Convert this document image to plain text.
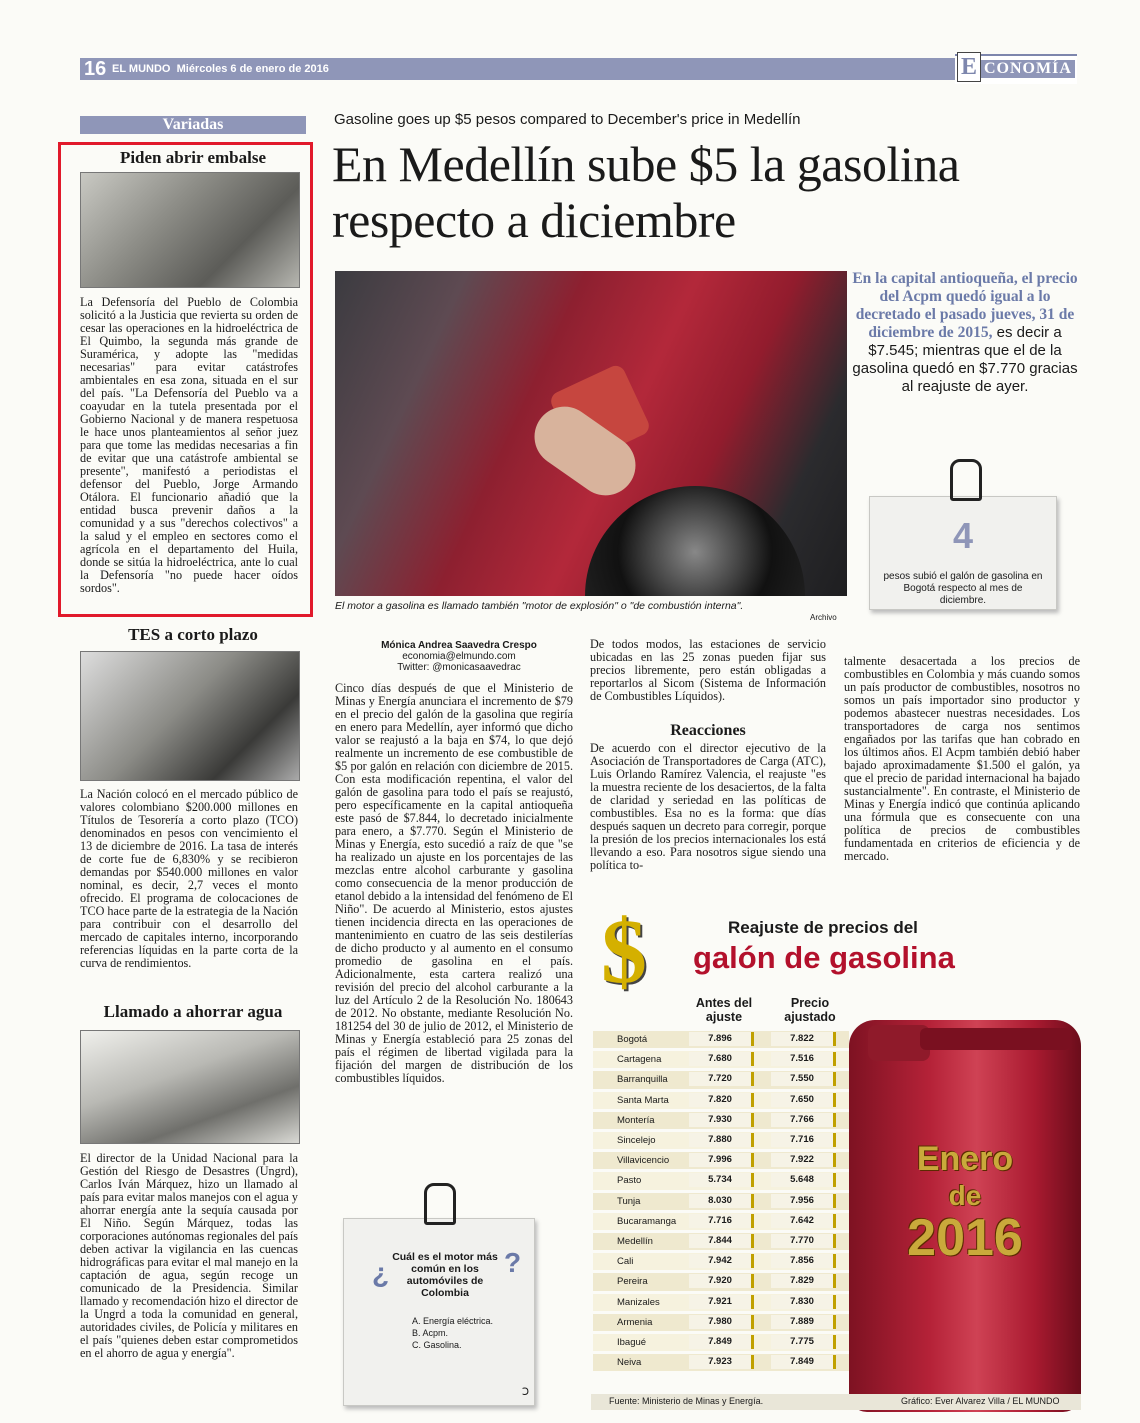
16 EL MUNDO Miércoles 6 de enero de 2016	E CONOMÍA
Variadas
Piden abrir embalse
La Defensoría del Pueblo de Colombia solicitó a la Justicia que revierta su orden de cesar las operaciones en la hidroeléctrica de El Quimbo, la segunda más grande de Suramérica, y adopte las "medidas necesarias" para evitar catástrofes ambientales en esa zona, situada en el sur del país. "La Defensoría del Pueblo va a coayudar en la tutela presentada por el Gobierno Nacional y de manera respetuosa le hace unos planteamientos al señor juez para que tome las medidas necesarias a fin de evitar que una catástrofe ambiental se presente", manifestó a periodistas el defensor del Pueblo, Jorge Armando Otálora. El funcionario añadió que la entidad busca prevenir daños a la comunidad y a sus "derechos colectivos" a la salud y el empleo en sectores como el agrícola en el departamento del Huila, donde se sitúa la hidroeléctrica, ante lo cual la Defensoría "no puede hacer oídos sordos".
TES a corto plazo
La Nación colocó en el mercado público de valores colombiano $200.000 millones en Títulos de Tesorería a corto plazo (TCO) denominados en pesos con vencimiento el 13 de diciembre de 2016. La tasa de interés de corte fue de 6,830% y se recibieron demandas por $540.000 millones en valor nominal, es decir, 2,7 veces el monto ofrecido. El programa de colocaciones de TCO hace parte de la estrategia de la Nación para contribuir con el desarrollo del mercado de capitales interno, incorporando referencias líquidas en la parte corta de la curva de rendimientos.
Llamado a ahorrar agua
El director de la Unidad Nacional para la Gestión del Riesgo de Desastres (Ungrd), Carlos Iván Márquez, hizo un llamado al país para evitar malos manejos con el agua y ahorrar energía ante la sequía causada por El Niño. Según Márquez, todas las corporaciones autónomas regionales del país deben activar la vigilancia en las cuencas hidrográficas para evitar el mal manejo en la captación de agua, según recoge un comunicado de la Presidencia. Similar llamado y recomendación hizo el director de la Ungrd a toda la comunidad en general, autoridades civiles, de Policía y militares en el país "quienes deben estar comprometidos en el ahorro de agua y energía".
Gasoline goes up $5 pesos compared to December's price in Medellín
En Medellín sube $5 la gasolina respecto a diciembre
El motor a gasolina es llamado también "motor de explosión" o "de combustión interna".
Archivo
En la capital antioqueña, el precio del Acpm quedó igual a lo decretado el pasado jueves, 31 de diciembre de 2015, es decir a $7.545; mientras que el de la gasolina quedó en $7.770 gracias al reajuste de ayer.
4
pesos subió el galón de gasolina en Bogotá respecto al mes de diciembre.
Mónica Andrea Saavedra Crespo
economia@elmundo.com
Twitter: @monicasaavedrac
Cinco días después de que el Ministerio de Minas y Energía anunciara el incremento de $79 en el precio del galón de la gasolina que regiría en enero para Medellín, ayer informó que dicho valor se reajustó a la baja en $74, lo que dejó realmente un incremento de ese combustible de $5 por galón en relación con diciembre de 2015. Con esta modificación repentina, el valor del galón de gasolina para todo el país se reajustó, pero específicamente en la capital antioqueña este pasó de $7.844, lo decretado inicialmente para enero, a $7.770. Según el Ministerio de Minas y Energía, esto sucedió a raíz de que "se ha realizado un ajuste en los porcentajes de las mezclas entre alcohol carburante y gasolina como consecuencia de la menor producción de etanol debido a la intensidad del fenómeno de El Niño". De acuerdo al Ministerio, estos ajustes tienen incidencia directa en las operaciones de mantenimiento en cuatro de las seis destilerías de dicho producto y al aumento en el consumo promedio de gasolina en el país. Adicionalmente, esta cartera realizó una revisión del precio del alcohol carburante a la luz del Artículo 2 de la Resolución No. 180643 de 2012. No obstante, mediante Resolución No. 181254 del 30 de julio de 2012, el Ministerio de Minas y Energía estableció para 25 zonas del país el régimen de libertad vigilada para la fijación del margen de distribución de los combustibles líquidos.
De todos modos, las estaciones de servicio ubicadas en las 25 zonas pueden fijar sus precios libremente, pero están obligadas a reportarlos al Sicom (Sistema de Información de Combustibles Líquidos).
Reacciones
De acuerdo con el director ejecutivo de la Asociación de Transportadores de Carga (ATC), Luis Orlando Ramírez Valencia, el reajuste "es la muestra reciente de los desaciertos, de la falta de claridad y seriedad en las políticas de combustibles. Esa no es la forma: que días después saquen un decreto para corregir, porque la presión de los precios internacionales los está llevando a eso. Para nosotros sigue siendo una política to-
talmente desacertada a los precios de combustibles en Colombia y más cuando somos un país productor de combustibles, nosotros no somos un país importador sino productor y podemos abastecer nuestras necesidades. Los transportadores de carga nos sentimos engañados por las tarifas que han cobrado en los últimos años. El Acpm también debió haber bajado aproximadamente $1.500 el galón, ya que el precio de paridad internacional ha bajado sustancialmente". En contraste, el Ministerio de Minas y Energía indicó que continúa aplicando una fórmula que es consecuente con una política de precios de combustibles fundamentada en criterios de eficiencia y de mercado.
¿	?
Cuál es el motor más común en los automóviles de Colombia
A. Energía eléctrica.
B. Acpm.
C. Gasolina.
Ↄ
$	Reajuste de precios del
galón de gasolina
Antes del ajuste
Precio ajustado
Enero
de
2016
Bogotá	7.896	7.822
Cartagena	7.680	7.516
Barranquilla	7.720	7.550
Santa Marta	7.820	7.650
Montería	7.930	7.766
Sincelejo	7.880	7.716
Villavicencio	7.996	7.922
Pasto	5.734	5.648
Tunja	8.030	7.956
Bucaramanga	7.716	7.642
Medellín	7.844	7.770
Cali	7.942	7.856
Pereira	7.920	7.829
Manizales	7.921	7.830
Armenia	7.980	7.889
Ibagué	7.849	7.775
Neiva	7.923	7.849
Fuente: Ministerio de Minas y Energía.	Gráfico: Ever Alvarez Villa / EL MUNDO
